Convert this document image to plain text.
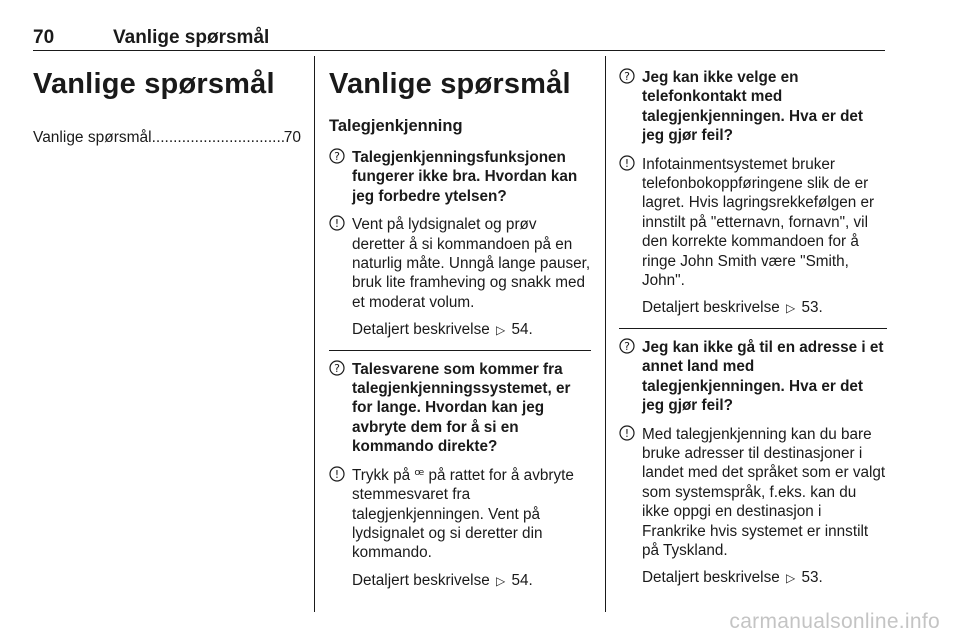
70	Vanlige spørsmål
Vanlige spørsmål
Vanlige spørsmål
.....	70
Vanlige spørsmål
Talegjenkjenning
? Talegjenkjenningsfunksjonen fungerer ikke bra. Hvordan kan jeg forbedre ytelsen?
! Vent på lydsignalet og prøv deretter å si kommandoen på en naturlig måte. Unngå lange pauser, bruk lite framheving og snakk med et moderat volum.
Detaljert beskrivelse ▷ 54.
? Talesvarene som kommer fra talegjenkjenningssystemet, er for lange. Hvordan kan jeg avbryte dem for å si en kommando direkte?
! Trykk på ꟹ på rattet for å avbryte stemmesvaret fra talegjenkjenningen. Vent på lydsignalet og si deretter din kommando.
Detaljert beskrivelse ▷ 54.
? Jeg kan ikke velge en telefonkontakt med talegjenkjenningen. Hva er det jeg gjør feil?
! Infotainmentsystemet bruker telefonbokoppføringene slik de er lagret. Hvis lagringsrekkefølgen er innstilt på "etternavn, fornavn", vil den korrekte kommandoen for å ringe John Smith være "Smith, John".
Detaljert beskrivelse ▷ 53.
? Jeg kan ikke gå til en adresse i et annet land med talegjenkjenningen. Hva er det jeg gjør feil?
! Med talegjenkjenning kan du bare bruke adresser til destinasjoner i landet med det språket som er valgt som systemspråk, f.eks. kan du ikke oppgi en destinasjon i Frankrike hvis systemet er innstilt på Tyskland.
Detaljert beskrivelse ▷ 53.
carmanualsonline.info
